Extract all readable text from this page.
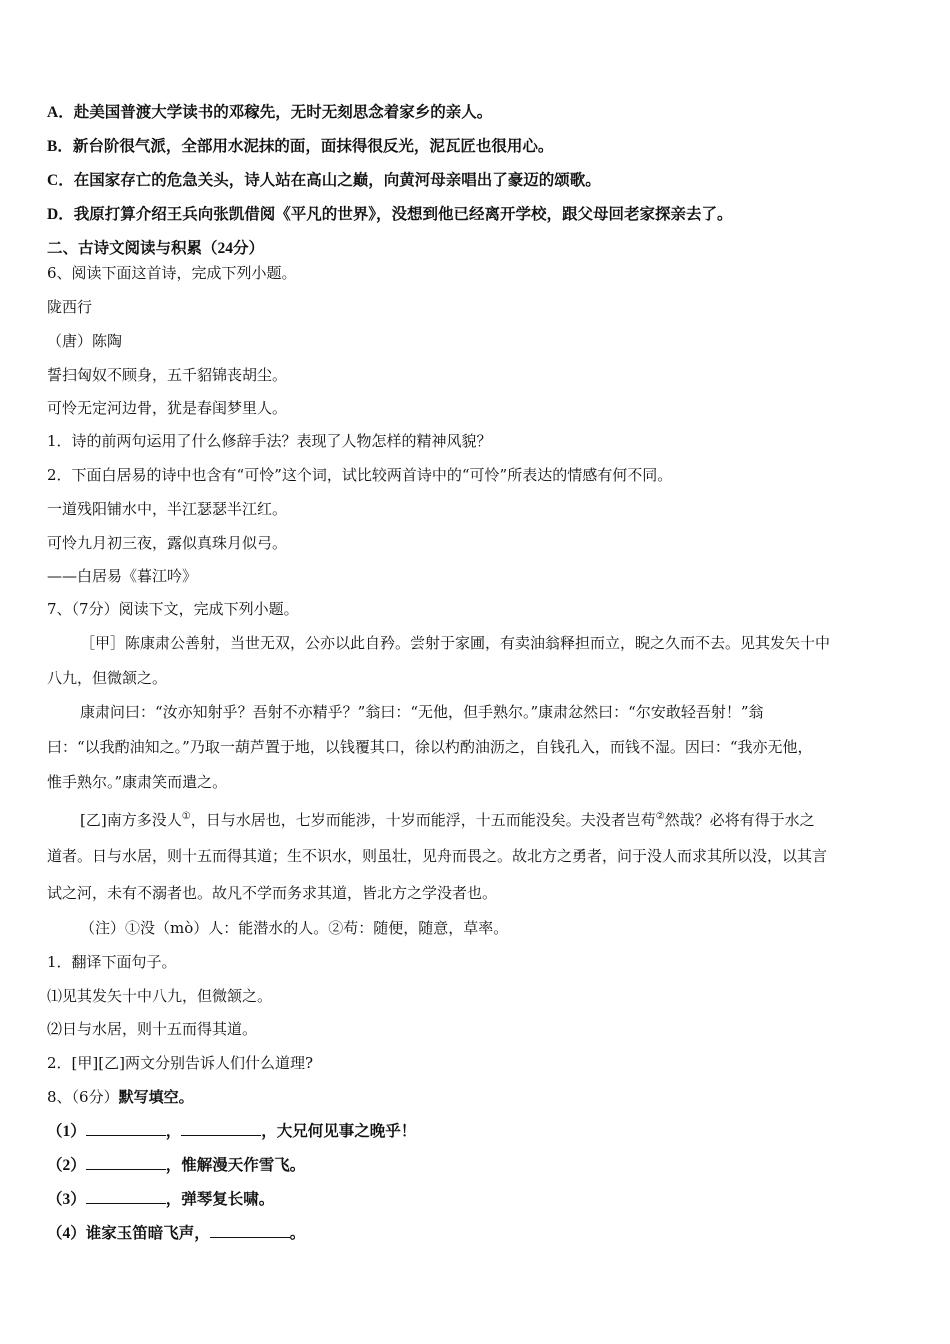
A．赴美国普渡大学读书的邓稼先，无时无刻思念着家乡的亲人。
B．新台阶很气派，全部用水泥抹的面，面抹得很反光，泥瓦匠也很用心。
C．在国家存亡的危急关头，诗人站在高山之巅，向黄河母亲唱出了豪迈的颂歌。
D．我原打算介绍王兵向张凯借阅《平凡的世界》，没想到他已经离开学校，跟父母回老家探亲去了。
二、古诗文阅读与积累（24分）
6、阅读下面这首诗，完成下列小题。
陇西行
（唐）陈陶
誓扫匈奴不顾身，五千貂锦丧胡尘。
可怜无定河边骨，犹是春闺梦里人。
1．诗的前两句运用了什么修辞手法？表现了人物怎样的精神风貌？
2．下面白居易的诗中也含有“可怜”这个词，试比较两首诗中的“可怜”所表达的情感有何不同。
一道残阳铺水中，半江瑟瑟半江红。
可怜九月初三夜，露似真珠月似弓。
——白居易《暮江吟》
7、（7分）阅读下文，完成下列小题。
［甲］陈康肃公善射，当世无双，公亦以此自矜。尝射于家圃，有卖油翁释担而立，睨之久而不去。见其发矢十中
八九，但微颔之。
康肃问曰：“汝亦知射乎？吾射不亦精乎？”翁曰：“无他，但手熟尔。”康肃忿然曰：“尔安敢轻吾射！”翁
曰：“以我酌油知之。”乃取一葫芦置于地，以钱覆其口，徐以杓酌油沥之，自钱孔入，而钱不湿。因曰：“我亦无他，
惟手熟尔。”康肃笑而遣之。
[乙]南方多没人①，日与水居也，七岁而能涉，十岁而能浮，十五而能没矣。夫没者岂苟②然哉？必将有得于水之
道者。日与水居，则十五而得其道；生不识水，则虽壮，见舟而畏之。故北方之勇者，问于没人而求其所以没，以其言
试之河，未有不溺者也。故凡不学而务求其道，皆北方之学没者也。
（注）①没（mò）人：能潜水的人。②苟：随便，随意，草率。
1．翻译下面句子。
⑴见其发矢十中八九，但微颔之。
⑵日与水居，则十五而得其道。
2．[甲][乙]两文分别告诉人们什么道理?
8、（6分）默写填空。
（1）	，	，大兄何见事之晚乎！
（2）	，惟解漫天作雪飞。
（3）	，弹琴复长啸。
（4）谁家玉笛暗飞声，	。
